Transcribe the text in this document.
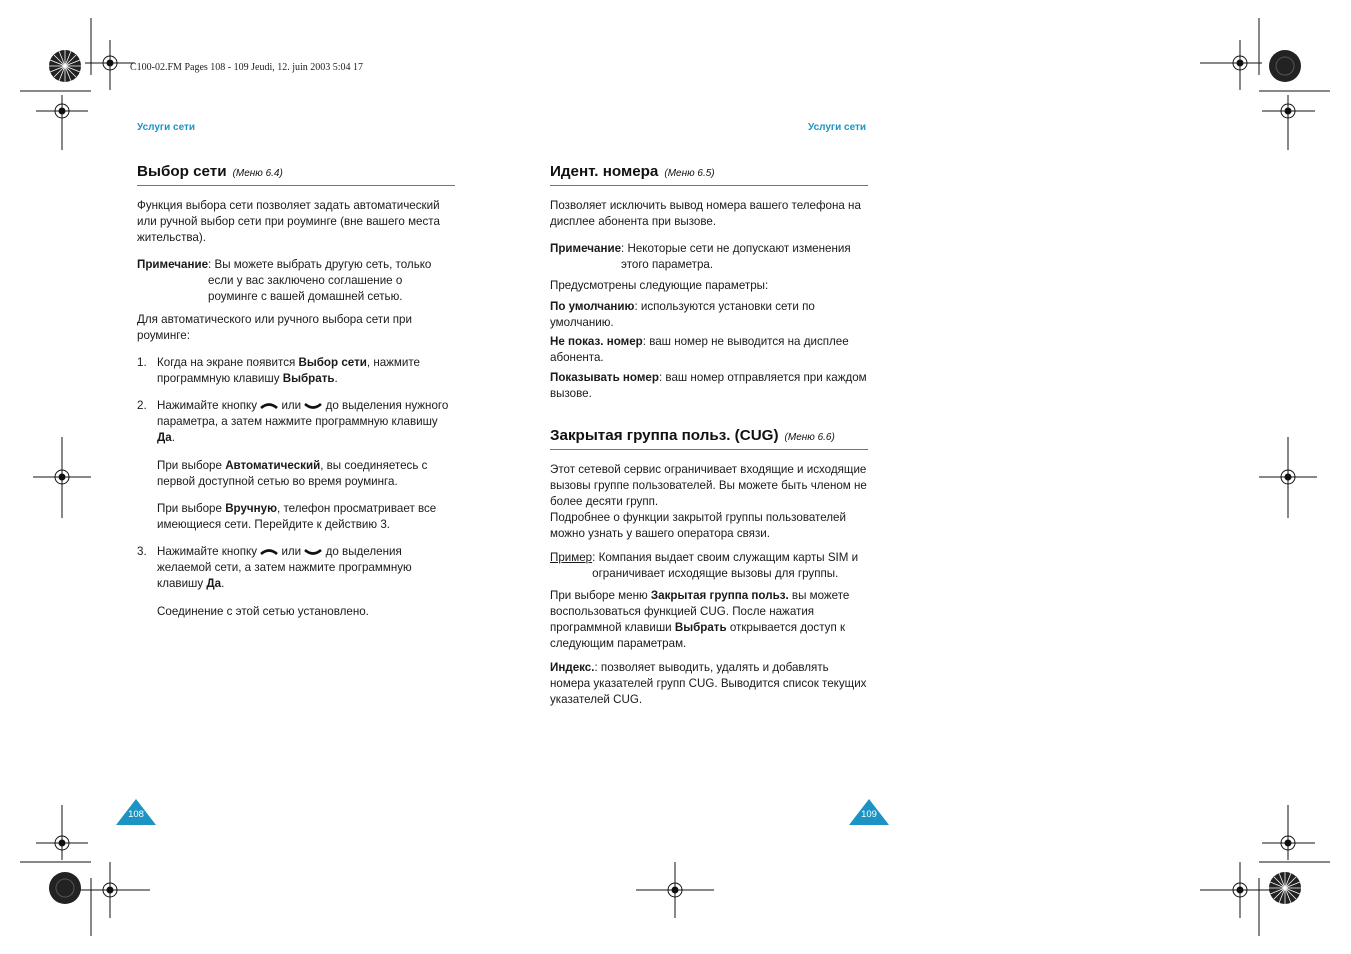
C100-02.FM Pages 108 - 109 Jeudi, 12. juin 2003 5:04 17
Услуги сети	Услуги сети
Выбор сети (Меню 6.4)

Функция выбора сети позволяет задать автоматический или ручной выбор сети при роуминге (вне вашего места жительства).

Примечание : Вы можете выбрать другую сеть, только если у вас заключено соглашение о роуминге с вашей домашней сетью.

Для автоматического или ручного выбора сети при роуминге:

1. Когда на экране появится Выбор сети, нажмите программную клавишу Выбрать.
2. Нажимайте кнопку  или  до выделения нужного параметра, а затем нажмите программную клавишу Да.

При выборе Автоматический, вы соединяетесь с первой доступной сетью во время роуминга.

При выборе Вручную, телефон просматривает все имеющиеся сети. Перейдите к действию 3.

3. Нажимайте кнопку  или  до выделения желаемой сети, а затем нажмите программную клавишу Да.

Соединение с этой сетью установлено.

Идент. номера (Меню 6.5)

Позволяет исключить вывод номера вашего телефона на дисплее абонента при вызове.

Примечание : Некоторые сети не допускают изменения этого параметра.

Предусмотрены следующие параметры:

По умолчанию: используются установки сети по умолчанию.

Не показ. номер: ваш номер не выводится на дисплее абонента.

Показывать номер: ваш номер отправляется при каждом вызове.

Закрытая группа польз. (CUG) (Меню 6.6)

Этот сетевой сервис ограничивает входящие и исходящие вызовы группе пользователей. Вы можете быть членом не более десяти групп.

Подробнее о функции закрытой группы пользователей можно узнать у вашего оператора связи.

Пример : Компания выдает своим служащим карты SIM и ограничивает исходящие вызовы для группы.

При выборе меню Закрытая группа польз. вы можете воспользоваться функцией CUG. После нажатия программной клавиши Выбрать открывается доступ к следующим параметрам.

Индекс.: позволяет выводить, удалять и добавлять номера указателей групп CUG. Выводится список текущих указателей CUG.

108	109
